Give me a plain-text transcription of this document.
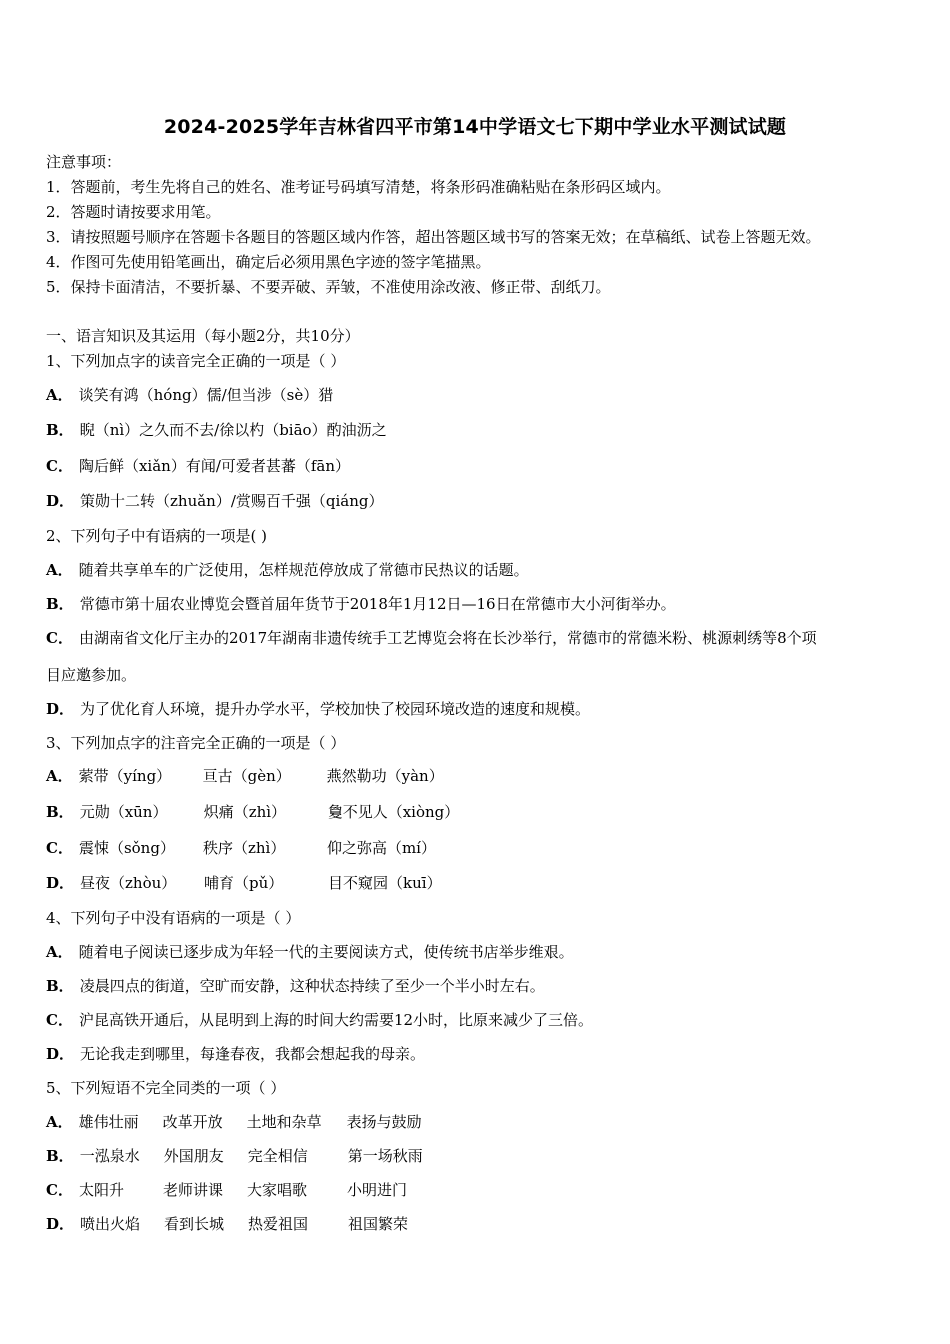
2024-2025学年吉林省四平市第14中学语文七下期中学业水平测试试题
注意事项：
1．答题前，考生先将自己的姓名、准考证号码填写清楚，将条形码准确粘贴在条形码区域内。
2．答题时请按要求用笔。
3．请按照题号顺序在答题卡各题目的答题区域内作答，超出答题区域书写的答案无效；在草稿纸、试卷上答题无效。
4．作图可先使用铅笔画出，确定后必须用黑色字迹的签字笔描黑。
5．保持卡面清洁，不要折暴、不要弄破、弄皱，不准使用涂改液、修正带、刮纸刀。
一、语言知识及其运用（每小题2分，共10分）
1、下列加点字的读音完全正确的一项是（ ）
A． 谈笑有鸿（hóng）儒/但当涉（sè）猎
B． 睨（nì）之久而不去/徐以杓（biāo）酌油沥之
C． 陶后鲜（xiǎn）有闻/可爱者甚蕃（fān）
D． 策勋十二转（zhuǎn）/赏赐百千强（qiáng）
2、下列句子中有语病的一项是( )
A． 随着共享单车的广泛使用，怎样规范停放成了常德市民热议的话题。
B． 常德市第十届农业博览会暨首届年货节于2018年1月12日—16日在常德市大小河街举办。
C． 由湖南省文化厅主办的2017年湖南非遗传统手工艺博览会将在长沙举行，常德市的常德米粉、桃源刺绣等8个项
目应邀参加。
D． 为了优化育人环境，提升办学水平，学校加快了校园环境改造的速度和规模。
3、下列加点字的注音完全正确的一项是（ ）
A． 萦带（yíng） 亘古（gèn） 燕然勒功（yàn）
B． 元勋（xūn） 炽痛（zhì）	敻不见人（xiòng）
C． 震悚（sǒng） 秩序（zhì）	仰之弥高（mí）
D． 昼夜（zhòu） 哺育（pǔ）	目不窥园（kuī）
4、下列句子中没有语病的一项是（ ）
A． 随着电子阅读已逐步成为年轻一代的主要阅读方式，使传统书店举步维艰。
B． 凌晨四点的街道，空旷而安静，这种状态持续了至少一个半小时左右。
C． 沪昆高铁开通后，从昆明到上海的时间大约需要12小时，比原来减少了三倍。
D． 无论我走到哪里，每逢春夜，我都会想起我的母亲。
5、下列短语不完全同类的一项（ ）
A． 雄伟壮丽 改革开放 土地和杂草 表扬与鼓励
B． 一泓泉水 外国朋友 完全相信	第一场秋雨
C． 太阳升	老师讲课 大家唱歌	小明进门
D． 喷出火焰 看到长城 热爱祖国	祖国繁荣
